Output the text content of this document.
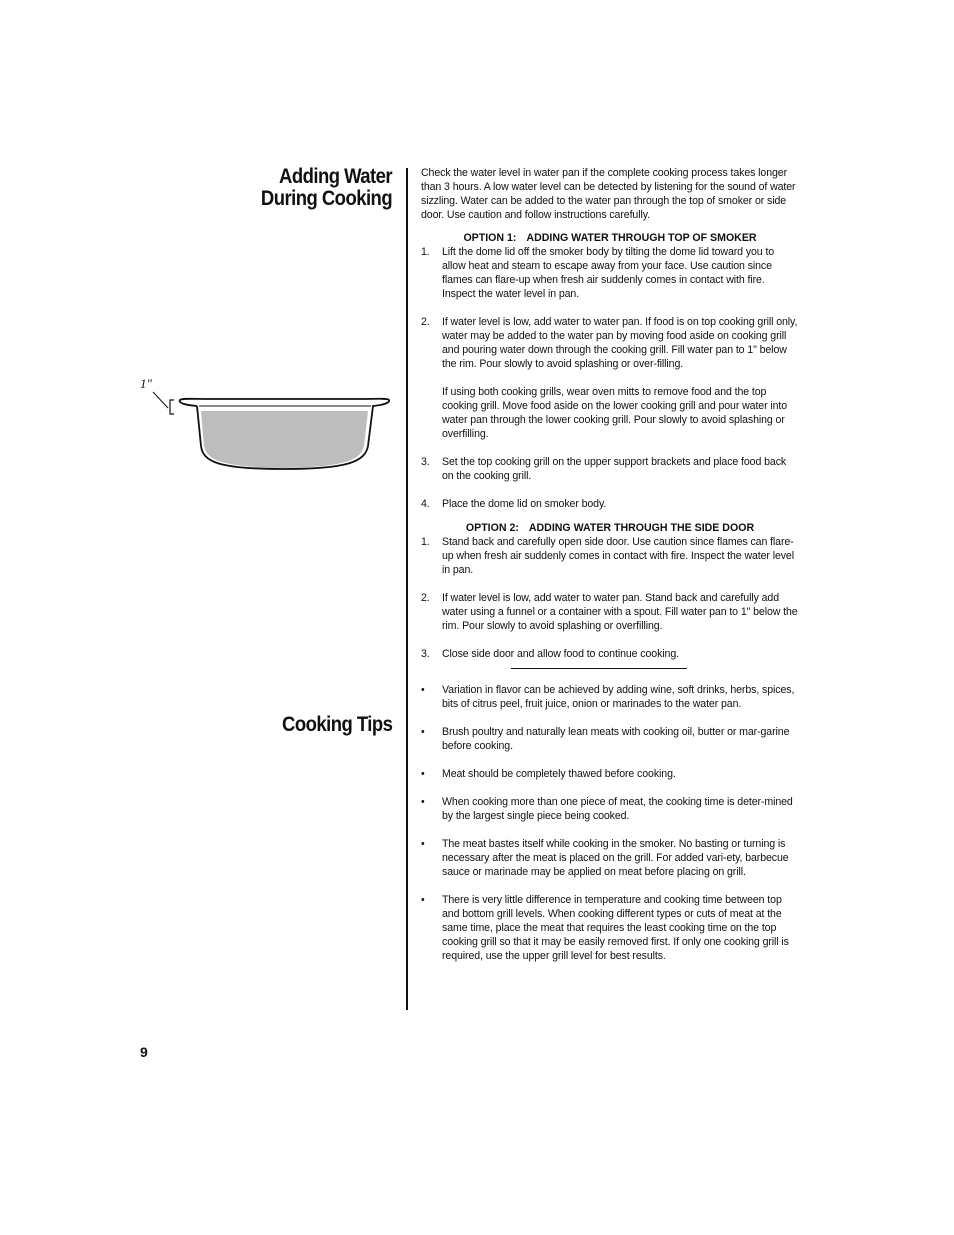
Adding Water
During Cooking
Cooking Tips
1"

Check the water level in water pan if the complete cooking process takes longer than 3 hours. A low water level can be detected by listening for the sound of water sizzling. Water can be added to the water pan through the top of smoker or side door. Use caution and follow instructions carefully.

OPTION 1: ADDING WATER THROUGH TOP OF SMOKER

1. Lift the dome lid off the smoker body by tilting the dome lid toward you to allow heat and steam to escape away from your face. Use caution since flames can flare-up when fresh air suddenly comes in contact with fire. Inspect the water level in pan.

2. If water level is low, add water to water pan. If food is on top cooking grill only, water may be added to the water pan by moving food aside on cooking grill and pouring water down through the cooking grill. Fill water pan to 1" below the rim. Pour slowly to avoid splashing or over-filling.

If using both cooking grills, wear oven mitts to remove food and the top cooking grill. Move food aside on the lower cooking grill and pour water into water pan through the lower cooking grill. Pour slowly to avoid splashing or overfilling.

3. Set the top cooking grill on the upper support brackets and place food back on the cooking grill.

4. Place the dome lid on smoker body.

OPTION 2: ADDING WATER THROUGH THE SIDE DOOR

1. Stand back and carefully open side door. Use caution since flames can flare-up when fresh air suddenly comes in contact with fire. Inspect the water level in pan.

2. If water level is low, add water to water pan. Stand back and carefully add water using a funnel or a container with a spout. Fill water pan to 1" below the rim. Pour slowly to avoid splashing or overfilling.

3. Close side door and allow food to continue cooking.

• Variation in flavor can be achieved by adding wine, soft drinks, herbs, spices, bits of citrus peel, fruit juice, onion or marinades to the water pan.

• Brush poultry and naturally lean meats with cooking oil, butter or mar-garine before cooking.

• Meat should be completely thawed before cooking.

• When cooking more than one piece of meat, the cooking time is deter-mined by the largest single piece being cooked.

• The meat bastes itself while cooking in the smoker. No basting or turning is necessary after the meat is placed on the grill. For added vari-ety, barbecue sauce or marinade may be applied on meat before placing on grill.

• There is very little difference in temperature and cooking time between top and bottom grill levels. When cooking different types or cuts of meat at the same time, place the meat that requires the least cooking time on the top cooking grill so that it may be easily removed first. If only one cooking grill is required, use the upper grill level for best results.

9
